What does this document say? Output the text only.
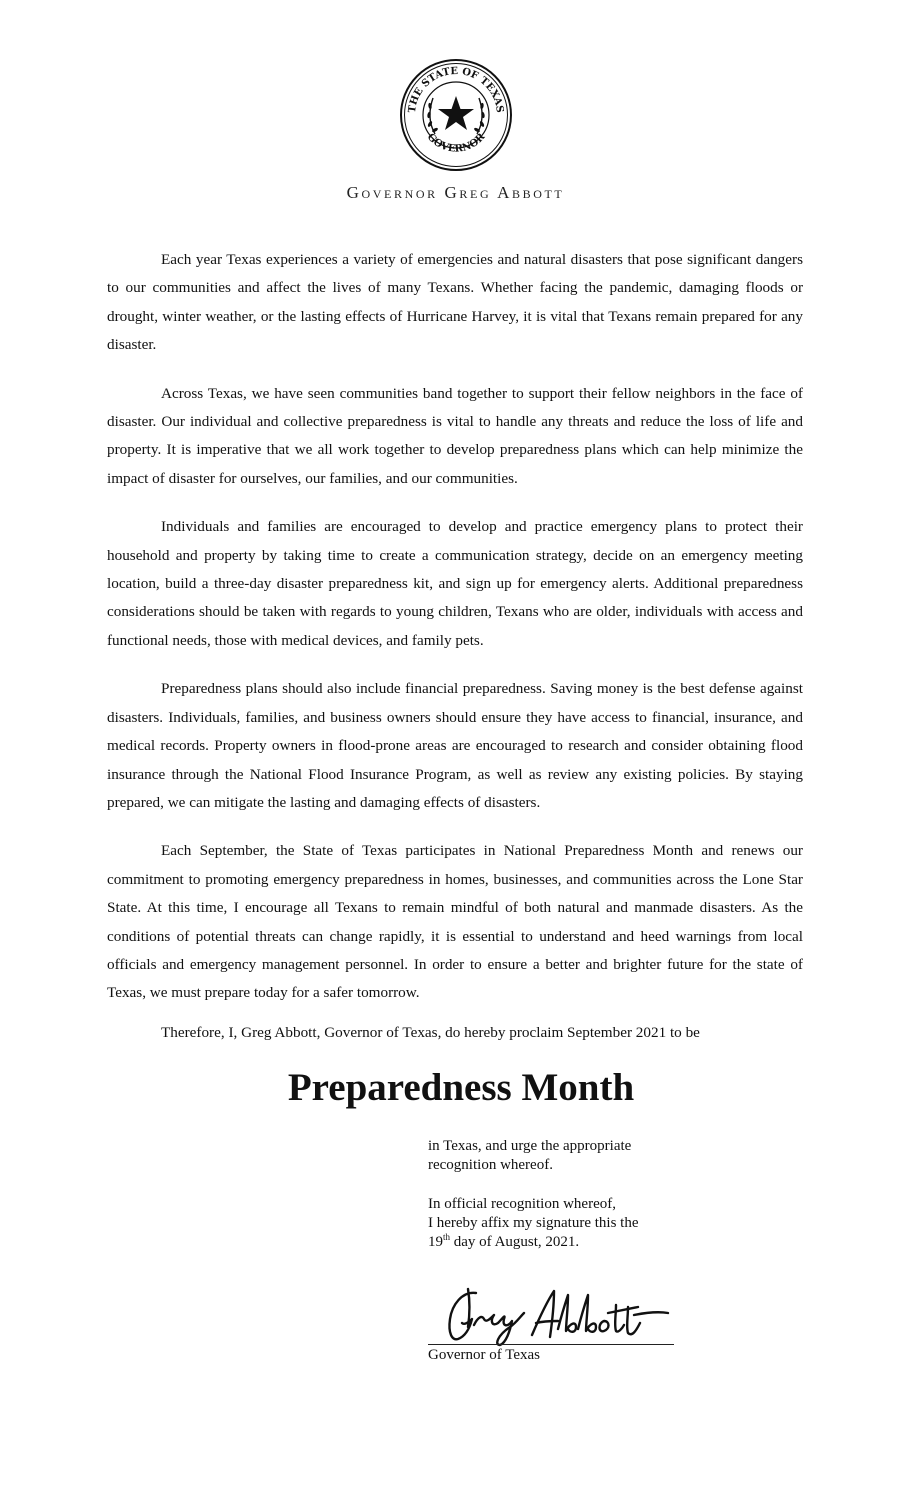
THE STATE OF TEXAS
GOVERNOR
Governor Greg Abbott

Each year Texas experiences a variety of emergencies and natural disasters that pose significant dangers to our communities and affect the lives of many Texans. Whether facing the pandemic, damaging floods or drought, winter weather, or the lasting effects of Hurricane Harvey, it is vital that Texans remain prepared for any disaster.

Across Texas, we have seen communities band together to support their fellow neighbors in the face of disaster. Our individual and collective preparedness is vital to handle any threats and reduce the loss of life and property. It is imperative that we all work together to develop preparedness plans which can help minimize the impact of disaster for ourselves, our families, and our communities.

Individuals and families are encouraged to develop and practice emergency plans to protect their household and property by taking time to create a communication strategy, decide on an emergency meeting location, build a three-day disaster preparedness kit, and sign up for emergency alerts. Additional preparedness considerations should be taken with regards to young children, Texans who are older, individuals with access and functional needs, those with medical devices, and family pets.

Preparedness plans should also include financial preparedness. Saving money is the best defense against disasters. Individuals, families, and business owners should ensure they have access to financial, insurance, and medical records. Property owners in flood-prone areas are encouraged to research and consider obtaining flood insurance through the National Flood Insurance Program, as well as review any existing policies. By staying prepared, we can mitigate the lasting and damaging effects of disasters.

Each September, the State of Texas participates in National Preparedness Month and renews our commitment to promoting emergency preparedness in homes, businesses, and communities across the Lone Star State. At this time, I encourage all Texans to remain mindful of both natural and manmade disasters. As the conditions of potential threats can change rapidly, it is essential to understand and heed warnings from local officials and emergency management personnel. In order to ensure a better and brighter future for the state of Texas, we must prepare today for a safer tomorrow.

Therefore, I, Greg Abbott, Governor of Texas, do hereby proclaim September 2021 to be
Preparedness Month
in Texas, and urge the appropriate
recognition whereof.
In official recognition whereof,
I hereby affix my signature this the
19th day of August, 2021.
Governor of Texas
